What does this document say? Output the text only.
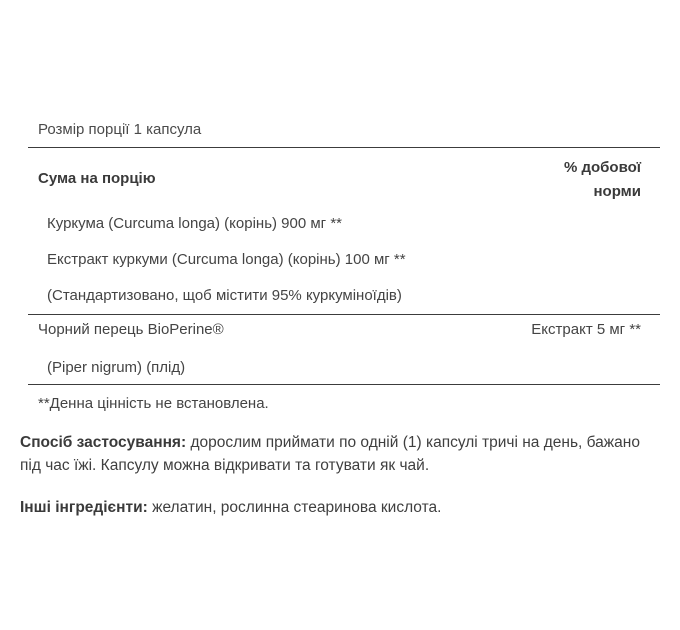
Розмір порції 1 капсула
Сума на порцію
% добової
норми
Куркума (Curcuma longa) (корінь) 900 мг **
Екстракт куркуми (Curcuma longa) (корінь) 100 мг **
(Стандартизовано, щоб містити 95% куркуміноїдів)
Чорний перець BioPerine®	Екстракт 5 мг **
(Piper nigrum) (плід)
**Денна цінність не встановлена.
Спосіб застосування: дорослим приймати по одній (1) капсулі тричі на день, бажано під час їжі. Капсулу можна відкривати та готувати як чай.
Інші інгредієнти: желатин, рослинна стеаринова кислота.
